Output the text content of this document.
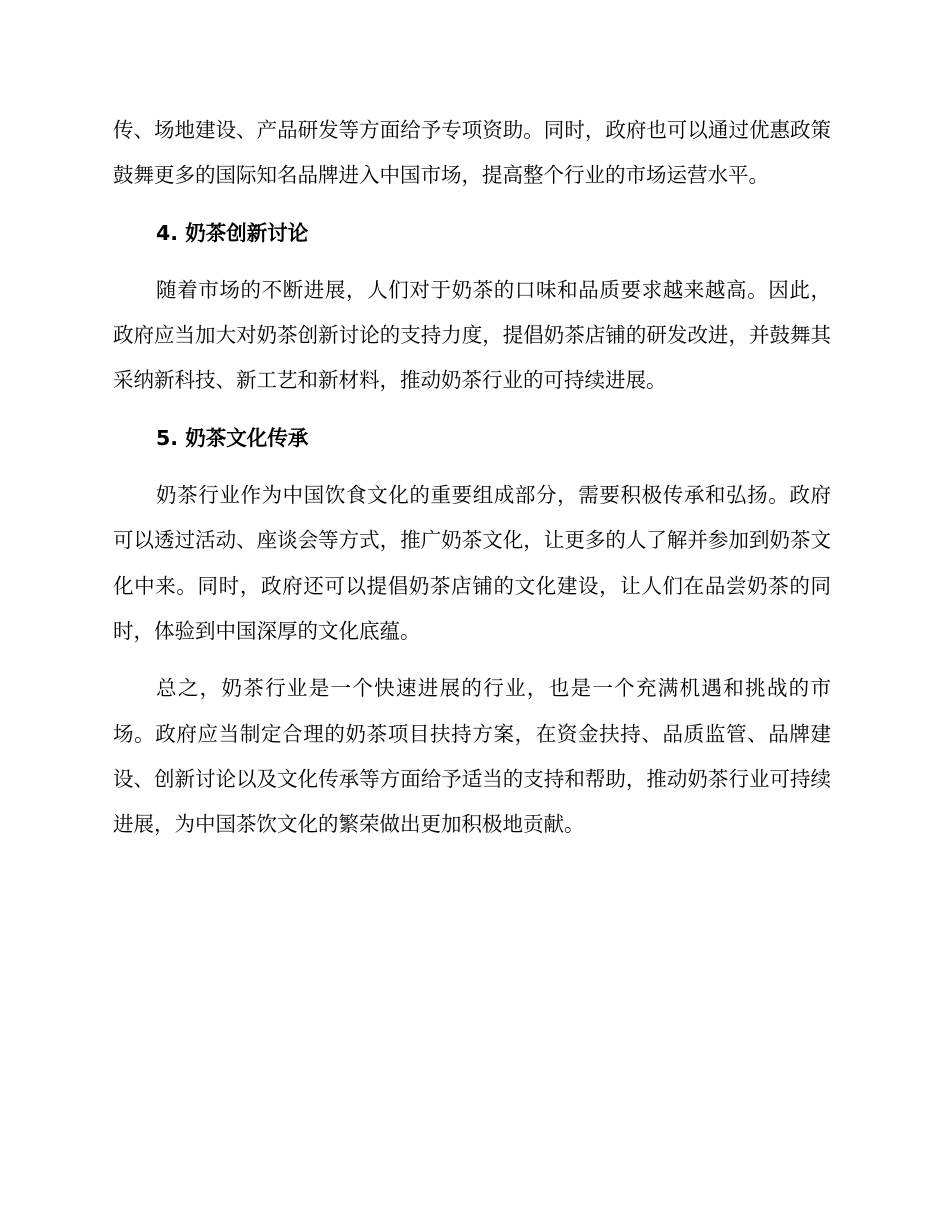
传、场地建设、产品研发等方面给予专项资助。同时，政府也可以通过优惠政策鼓舞更多的国际知名品牌进入中国市场，提高整个行业的市场运营水平。

4. 奶茶创新讨论

随着市场的不断进展，人们对于奶茶的口味和品质要求越来越高。因此，政府应当加大对奶茶创新讨论的支持力度，提倡奶茶店铺的研发改进，并鼓舞其采纳新科技、新工艺和新材料，推动奶茶行业的可持续进展。

5. 奶茶文化传承

奶茶行业作为中国饮食文化的重要组成部分，需要积极传承和弘扬。政府可以透过活动、座谈会等方式，推广奶茶文化，让更多的人了解并参加到奶茶文化中来。同时，政府还可以提倡奶茶店铺的文化建设，让人们在品尝奶茶的同时，体验到中国深厚的文化底蕴。

总之，奶茶行业是一个快速进展的行业，也是一个充满机遇和挑战的市场。政府应当制定合理的奶茶项目扶持方案，在资金扶持、品质监管、品牌建设、创新讨论以及文化传承等方面给予适当的支持和帮助，推动奶茶行业可持续进展，为中国茶饮文化的繁荣做出更加积极地贡献。
